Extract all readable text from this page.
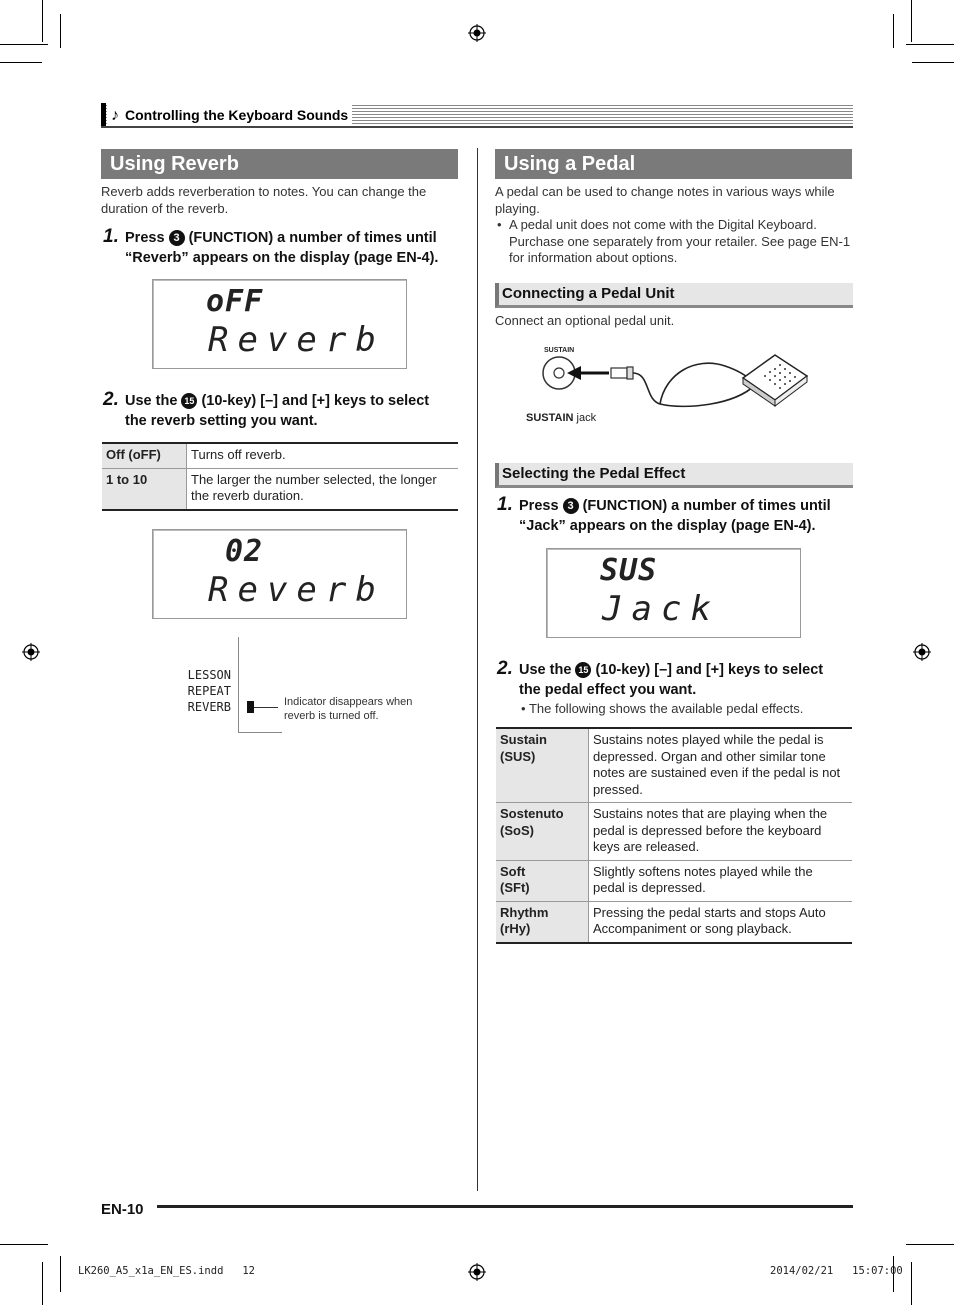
♪ Controlling the Keyboard Sounds
Using Reverb
Reverb adds reverberation to notes. You can change the duration of the reverb.
1. Press 3 (FUNCTION) a number of times until
“Reverb” appears on the display (page EN-4).
oFF
Reverb
2. Use the 15 (10-key) [–] and [+] keys to select
the reverb setting you want.
Off (oFF)	Turns off reverb.
1 to 10	The larger the number selected, the longer the reverb duration.
02
Reverb
LESSON
REPEAT
REVERB	Indicator disappears when reverb is turned off.
Using a Pedal
A pedal can be used to change notes in various ways while playing.
• A pedal unit does not come with the Digital Keyboard. Purchase one separately from your retailer. See page EN-1 for information about options.
Connecting a Pedal Unit
Connect an optional pedal unit.
SUSTAIN
SUSTAIN jack
Selecting the Pedal Effect
1. Press 3 (FUNCTION) a number of times until
“Jack” appears on the display (page EN-4).
SUS
Jack
2. Use the 15 (10-key) [–] and [+] keys to select
the pedal effect you want.
• The following shows the available pedal effects.
Sustain
(SUS)	Sustains notes played while the pedal is depressed. Organ and other similar tone notes are sustained even if the pedal is not pressed.
Sostenuto
(SoS)	Sustains notes that are playing when the pedal is depressed before the keyboard keys are released.
Soft
(SFt)	Slightly softens notes played while the pedal is depressed.
Rhythm
(rHy)	Pressing the pedal starts and stops Auto Accompaniment or song playback.
EN-10
LK260_A5_x1a_EN_ES.indd   12	2014/02/21   15:07:00
